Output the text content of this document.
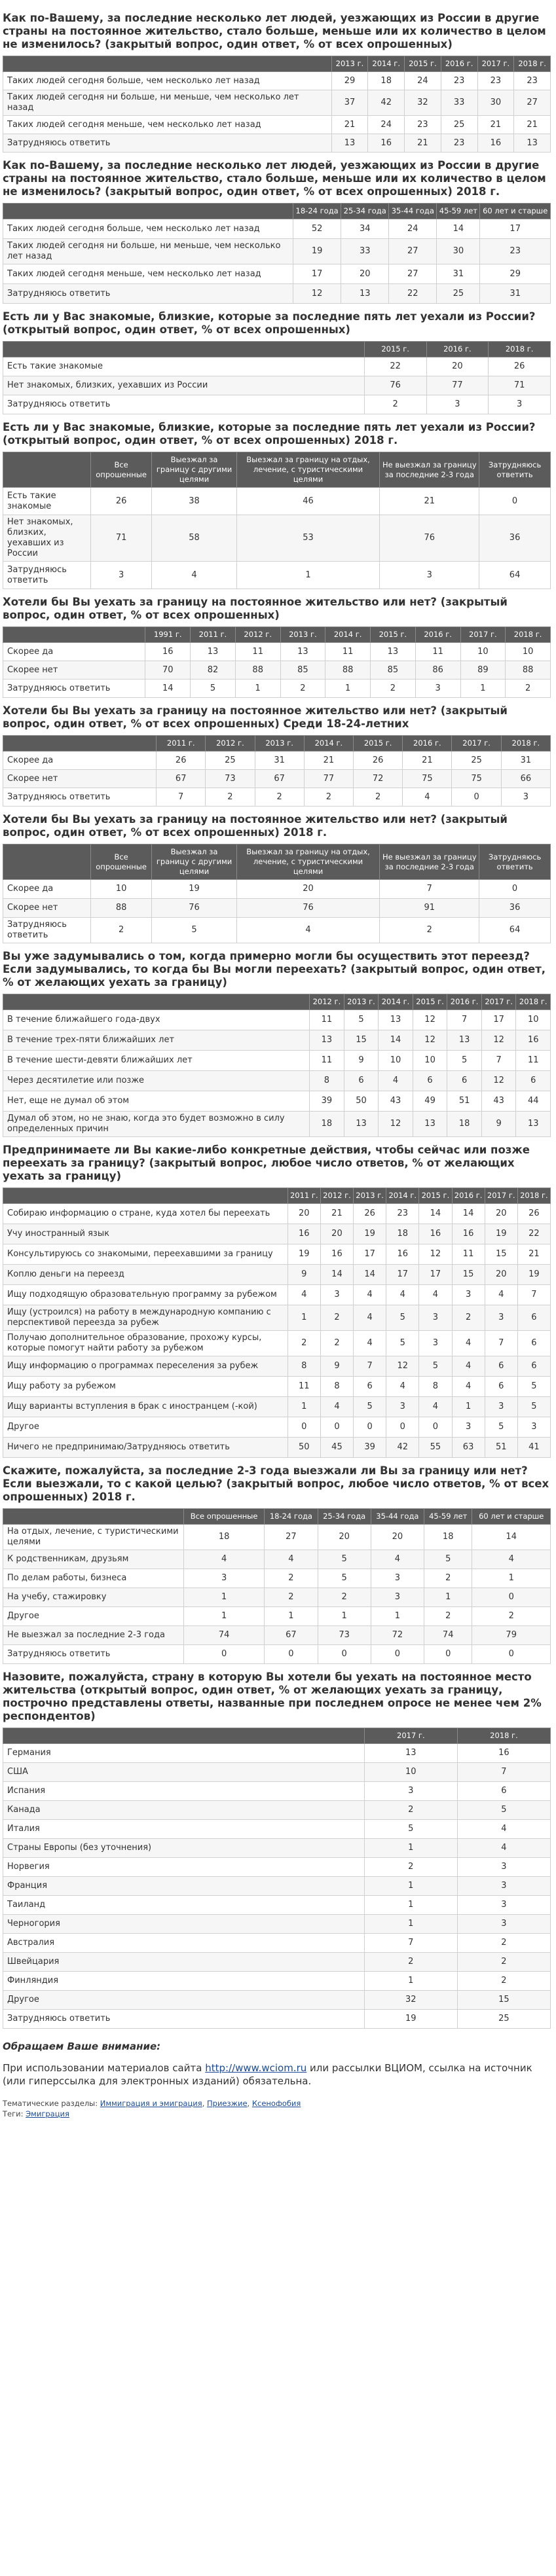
Как по-Вашему, за последние несколько лет людей, уезжающих из России в другие страны на постоянное жительство, стало больше, меньше или их количество в целом не изменилось? (закрытый вопрос, один ответ, % от всех опрошенных)
	2013 г.	2014 г.	2015 г.	2016 г.	2017 г.	2018 г.
Таких людей сегодня больше, чем несколько лет назад	29	18	24	23	23	23
Таких людей сегодня ни больше, ни меньше, чем несколько лет назад	37	42	32	33	30	27
Таких людей сегодня меньше, чем несколько лет назад	21	24	23	25	21	21
Затрудняюсь ответить	13	16	21	23	16	13
Как по-Вашему, за последние несколько лет людей, уезжающих из России в другие страны на постоянное жительство, стало больше, меньше или их количество в целом не изменилось? (закрытый вопрос, один ответ, % от всех опрошенных) 2018 г.
	18-24 года	25-34 года	35-44 года	45-59 лет	60 лет и старше
Таких людей сегодня больше, чем несколько лет назад	52	34	24	14	17
Таких людей сегодня ни больше, ни меньше, чем несколько лет назад	19	33	27	30	23
Таких людей сегодня меньше, чем несколько лет назад	17	20	27	31	29
Затрудняюсь ответить	12	13	22	25	31
Есть ли у Вас знакомые, близкие, которые за последние пять лет уехали из России? (открытый вопрос, один ответ, % от всех опрошенных)
	2015 г.	2016 г.	2018 г.
Есть такие знакомые	22	20	26
Нет знакомых, близких, уехавших из России	76	77	71
Затрудняюсь ответить	2	3	3
Есть ли у Вас знакомые, близкие, которые за последние пять лет уехали из России? (открытый вопрос, один ответ, % от всех опрошенных) 2018 г.
	Все опрошенные	Выезжал за границу с другими целями	Выезжал за границу на отдых, лечение, с туристическими целями	Не выезжал за границу за последние 2-3 года	Затрудняюсь ответить
Есть такие знакомые	26	38	46	21	0
Нет знакомых, близких, уехавших из России	71	58	53	76	36
Затрудняюсь ответить	3	4	1	3	64
Хотели бы Вы уехать за границу на постоянное жительство или нет? (закрытый вопрос, один ответ, % от всех опрошенных)
	1991 г.	2011 г.	2012 г.	2013 г.	2014 г.	2015 г.	2016 г.	2017 г.	2018 г.
Скорее да	16	13	11	13	11	13	11	10	10
Скорее нет	70	82	88	85	88	85	86	89	88
Затрудняюсь ответить	14	5	1	2	1	2	3	1	2
Хотели бы Вы уехать за границу на постоянное жительство или нет? (закрытый вопрос, один ответ, % от всех опрошенных) Среди 18-24-летних
	2011 г.	2012 г.	2013 г.	2014 г.	2015 г.	2016 г.	2017 г.	2018 г.
Скорее да	26	25	31	21	26	21	25	31
Скорее нет	67	73	67	77	72	75	75	66
Затрудняюсь ответить	7	2	2	2	2	4	0	3
Хотели бы Вы уехать за границу на постоянное жительство или нет? (закрытый вопрос, один ответ, % от всех опрошенных) 2018 г.
	Все опрошенные	Выезжал за границу с другими целями	Выезжал за границу на отдых, лечение, с туристическими целями	Не выезжал за границу за последние 2-3 года	Затрудняюсь ответить
Скорее да	10	19	20	7	0
Скорее нет	88	76	76	91	36
Затрудняюсь ответить	2	5	4	2	64
Вы уже задумывались о том, когда примерно могли бы осуществить этот переезд? Если задумывались, то когда бы Вы могли переехать? (закрытый вопрос, один ответ, % от желающих уехать за границу)
	2012 г.	2013 г.	2014 г.	2015 г.	2016 г.	2017 г.	2018 г.
В течение ближайшего года-двух	11	5	13	12	7	17	10
В течение трех-пяти ближайших лет	13	15	14	12	13	12	16
В течение шести-девяти ближайших лет	11	9	10	10	5	7	11
Через десятилетие или позже	8	6	4	6	6	12	6
Нет, еще не думал об этом	39	50	43	49	51	43	44
Думал об этом, но не знаю, когда это будет возможно в силу определенных причин	18	13	12	13	18	9	13
Предпринимаете ли Вы какие-либо конкретные действия, чтобы сейчас или позже переехать за границу? (закрытый вопрос, любое число ответов, % от желающих уехать за границу)
	2011 г.	2012 г.	2013 г.	2014 г.	2015 г.	2016 г.	2017 г.	2018 г.
Собираю информацию о стране, куда хотел бы переехать	20	21	26	23	14	14	20	26
Учу иностранный язык	16	20	19	18	16	16	19	22
Консультируюсь со знакомыми, переехавшими за границу	19	16	17	16	12	11	15	21
Коплю деньги на переезд	9	14	14	17	17	15	20	19
Ищу подходящую образовательную программу за рубежом	4	3	4	4	4	3	4	7
Ищу (устроился) на работу в международную компанию с перспективой переезда за рубеж	1	2	4	5	3	2	3	6
Получаю дополнительное образование, прохожу курсы, которые помогут найти работу за рубежом	2	2	4	5	3	4	7	6
Ищу информацию о программах переселения за рубеж	8	9	7	12	5	4	6	6
Ищу работу за рубежом	11	8	6	4	8	4	6	5
Ищу варианты вступления в брак с иностранцем (-кой)	1	4	5	3	4	1	3	5
Другое	0	0	0	0	0	3	5	3
Ничего не предпринимаю/Затрудняюсь ответить	50	45	39	42	55	63	51	41
Скажите, пожалуйста, за последние 2-3 года выезжали ли Вы за границу или нет? Если выезжали, то с какой целью? (закрытый вопрос, любое число ответов, % от всех опрошенных) 2018 г.
	Все опрошенные	18-24 года	25-34 года	35-44 года	45-59 лет	60 лет и старше
На отдых, лечение, с туристическими целями	18	27	20	20	18	14
К родственникам, друзьям	4	4	5	4	5	4
По делам работы, бизнеса	3	2	5	3	2	1
На учебу, стажировку	1	2	2	3	1	0
Другое	1	1	1	1	2	2
Не выезжал за последние 2-3 года	74	67	73	72	74	79
Затрудняюсь ответить	0	0	0	0	0	0
Назовите, пожалуйста, страну в которую Вы хотели бы уехать на постоянное место жительства (открытый вопрос, один ответ, % от желающих уехать за границу, построчно представлены ответы, названные при последнем опросе не менее чем 2% респондентов)
	2017 г.	2018 г.
Германия	13	16
США	10	7
Испания	3	6
Канада	2	5
Италия	5	4
Страны Европы (без уточнения)	1	4
Норвегия	2	3
Франция	1	3
Таиланд	1	3
Черногория	1	3
Австралия	7	2
Швейцария	2	2
Финляндия	1	2
Другое	32	15
Затрудняюсь ответить	19	25
Обращаем Ваше внимание:

При использовании материалов сайта http://www.wciom.ru или рассылки ВЦИОМ, ссылка на источник (или гиперссылка для электронных изданий) обязательна.

Тематические разделы: Иммиграция и эмиграция, Приезжие, Ксенофобия
Теги: Эмиграция
